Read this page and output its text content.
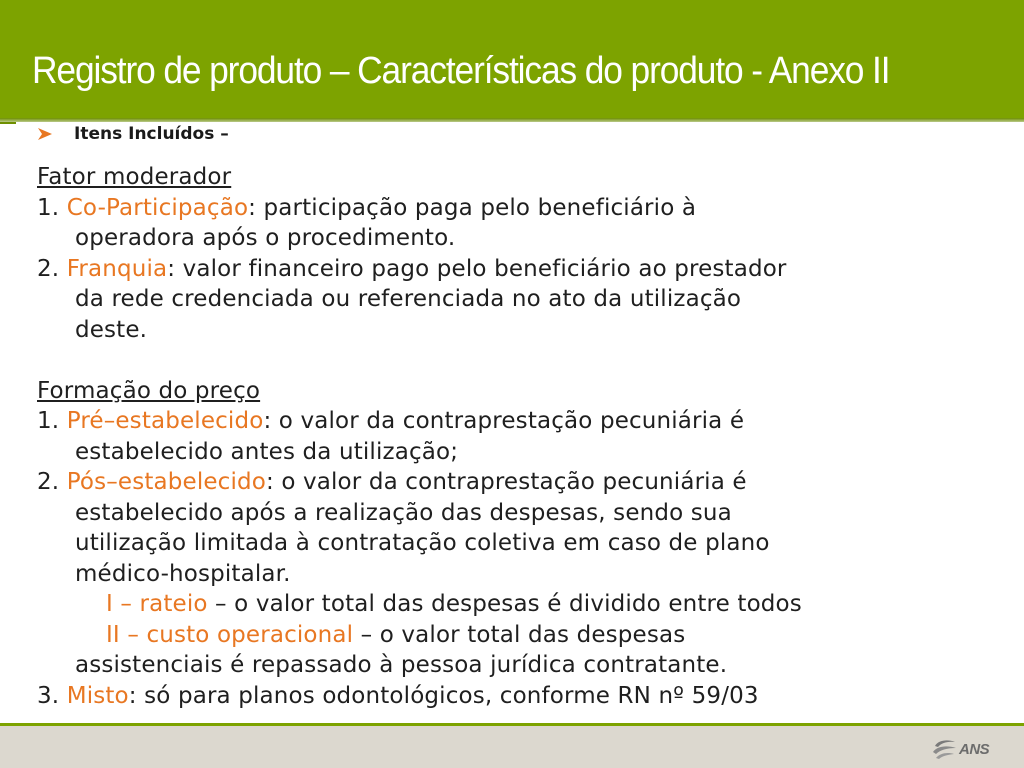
Registro de produto – Características do produto - Anexo II
Itens Incluídos –
Fator moderador
1. Co-Participação: participação paga pelo beneficiário à
operadora após o procedimento.
2. Franquia: valor financeiro pago pelo beneficiário ao prestador
da rede credenciada ou referenciada no ato da utilização
deste.
Formação do preço
1. Pré–estabelecido: o valor da contraprestação pecuniária é
estabelecido antes da utilização;
2. Pós–estabelecido: o valor da contraprestação pecuniária é
estabelecido após a realização das despesas, sendo sua
utilização limitada à contratação coletiva em caso de plano
médico-hospitalar.
I – rateio – o valor total das despesas é dividido entre todos
II – custo operacional – o valor total das despesas
assistenciais é repassado à pessoa jurídica contratante.
3. Misto: só para planos odontológicos, conforme RN nº 59/03
ANS
